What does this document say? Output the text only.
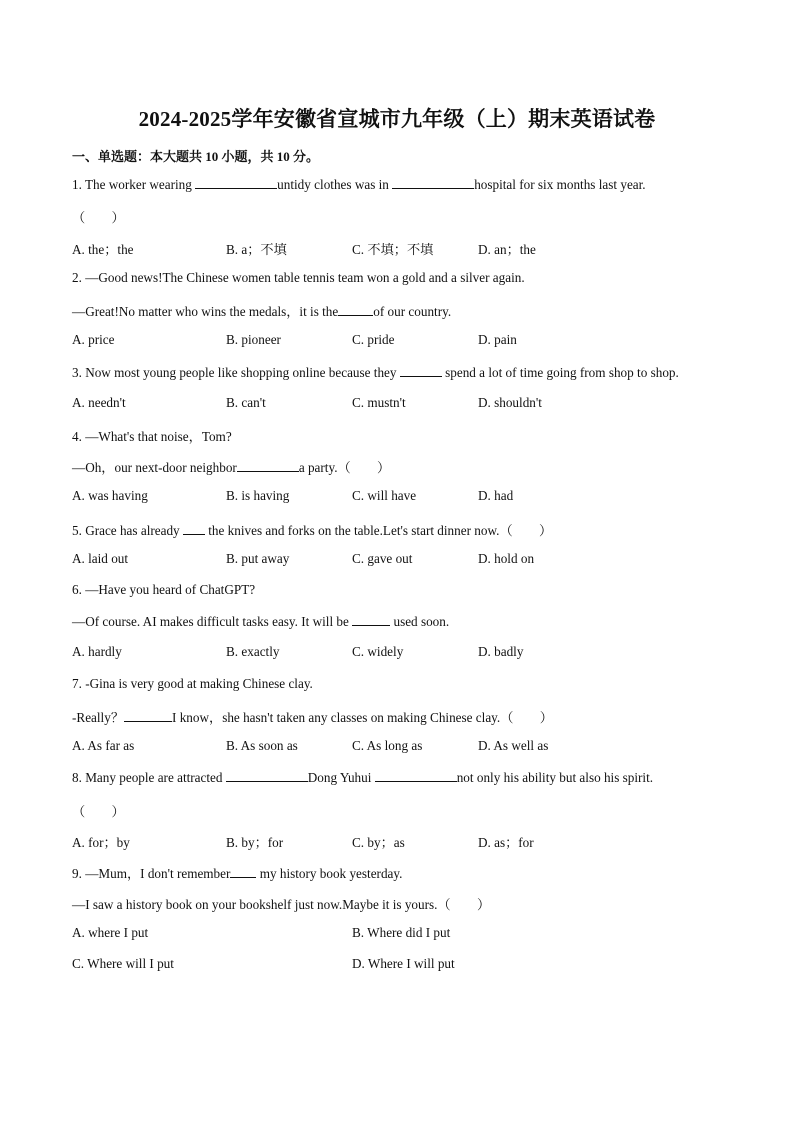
2024-2025学年安徽省宣城市九年级（上）期末英语试卷
一、单选题：本大题共 10 小题，共 10 分。
1. The worker wearing	untidy clothes was in	hospital for six months last year.
（　　）
A. the；the	B. a；不填	C. 不填；不填	D. an；the
2. —Good news!The Chinese women table tennis team won a gold and a silver again.
—Great!No matter who wins the medals，it is the	of our country.
A. price	B. pioneer	C. pride	D. pain
3. Now most young people like shopping online because they	spend a lot of time going from shop to shop.
A. needn't	B. can't	C. mustn't	D. shouldn't
4. —What's that noise，Tom?
—Oh，our next-door neighbor	a party.（　　）
A. was having	B. is having	C. will have	D. had
5. Grace has already  the knives and forks on the table.Let's start dinner now.（　　）
A. laid out	B. put away	C. gave out	D. hold on
6. —Have you heard of ChatGPT?
—Of course. AI makes difficult tasks easy. It will be	used soon.
A. hardly	B. exactly	C. widely	D. badly
7. -Gina is very good at making Chinese clay.
-Really？	I know，she hasn't taken any classes on making Chinese clay.（　　）
A. As far as	B. As soon as	C. As long as	D. As well as
8. Many people are attracted	Dong Yuhui	not only his ability but also his spirit.
（　　）
A. for；by	B. by；for	C. by；as	D. as；for
9. —Mum，I don't remember my history book yesterday.
—I saw a history book on your bookshelf just now.Maybe it is yours.（　　）
A. where I put	B. Where did I put
C. Where will I put	D. Where I will put
